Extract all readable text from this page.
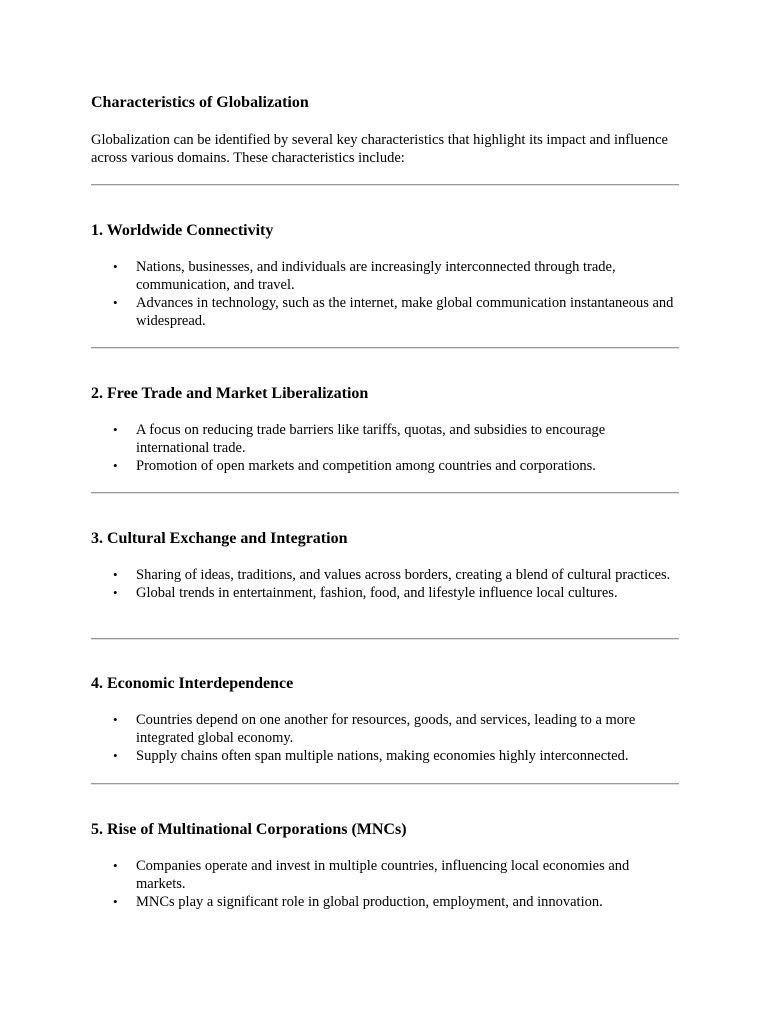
Characteristics of Globalization

Globalization can be identified by several key characteristics that highlight its impact and influence across various domains. These characteristics include:

1. Worldwide Connectivity
• Nations, businesses, and individuals are increasingly interconnected through trade, communication, and travel.
• Advances in technology, such as the internet, make global communication instantaneous and widespread.
2. Free Trade and Market Liberalization
• A focus on reducing trade barriers like tariffs, quotas, and subsidies to encourage international trade.
• Promotion of open markets and competition among countries and corporations.
3. Cultural Exchange and Integration
• Sharing of ideas, traditions, and values across borders, creating a blend of cultural practices.
• Global trends in entertainment, fashion, food, and lifestyle influence local cultures.
4. Economic Interdependence
• Countries depend on one another for resources, goods, and services, leading to a more integrated global economy.
• Supply chains often span multiple nations, making economies highly interconnected.
5. Rise of Multinational Corporations (MNCs)
• Companies operate and invest in multiple countries, influencing local economies and markets.
• MNCs play a significant role in global production, employment, and innovation.
